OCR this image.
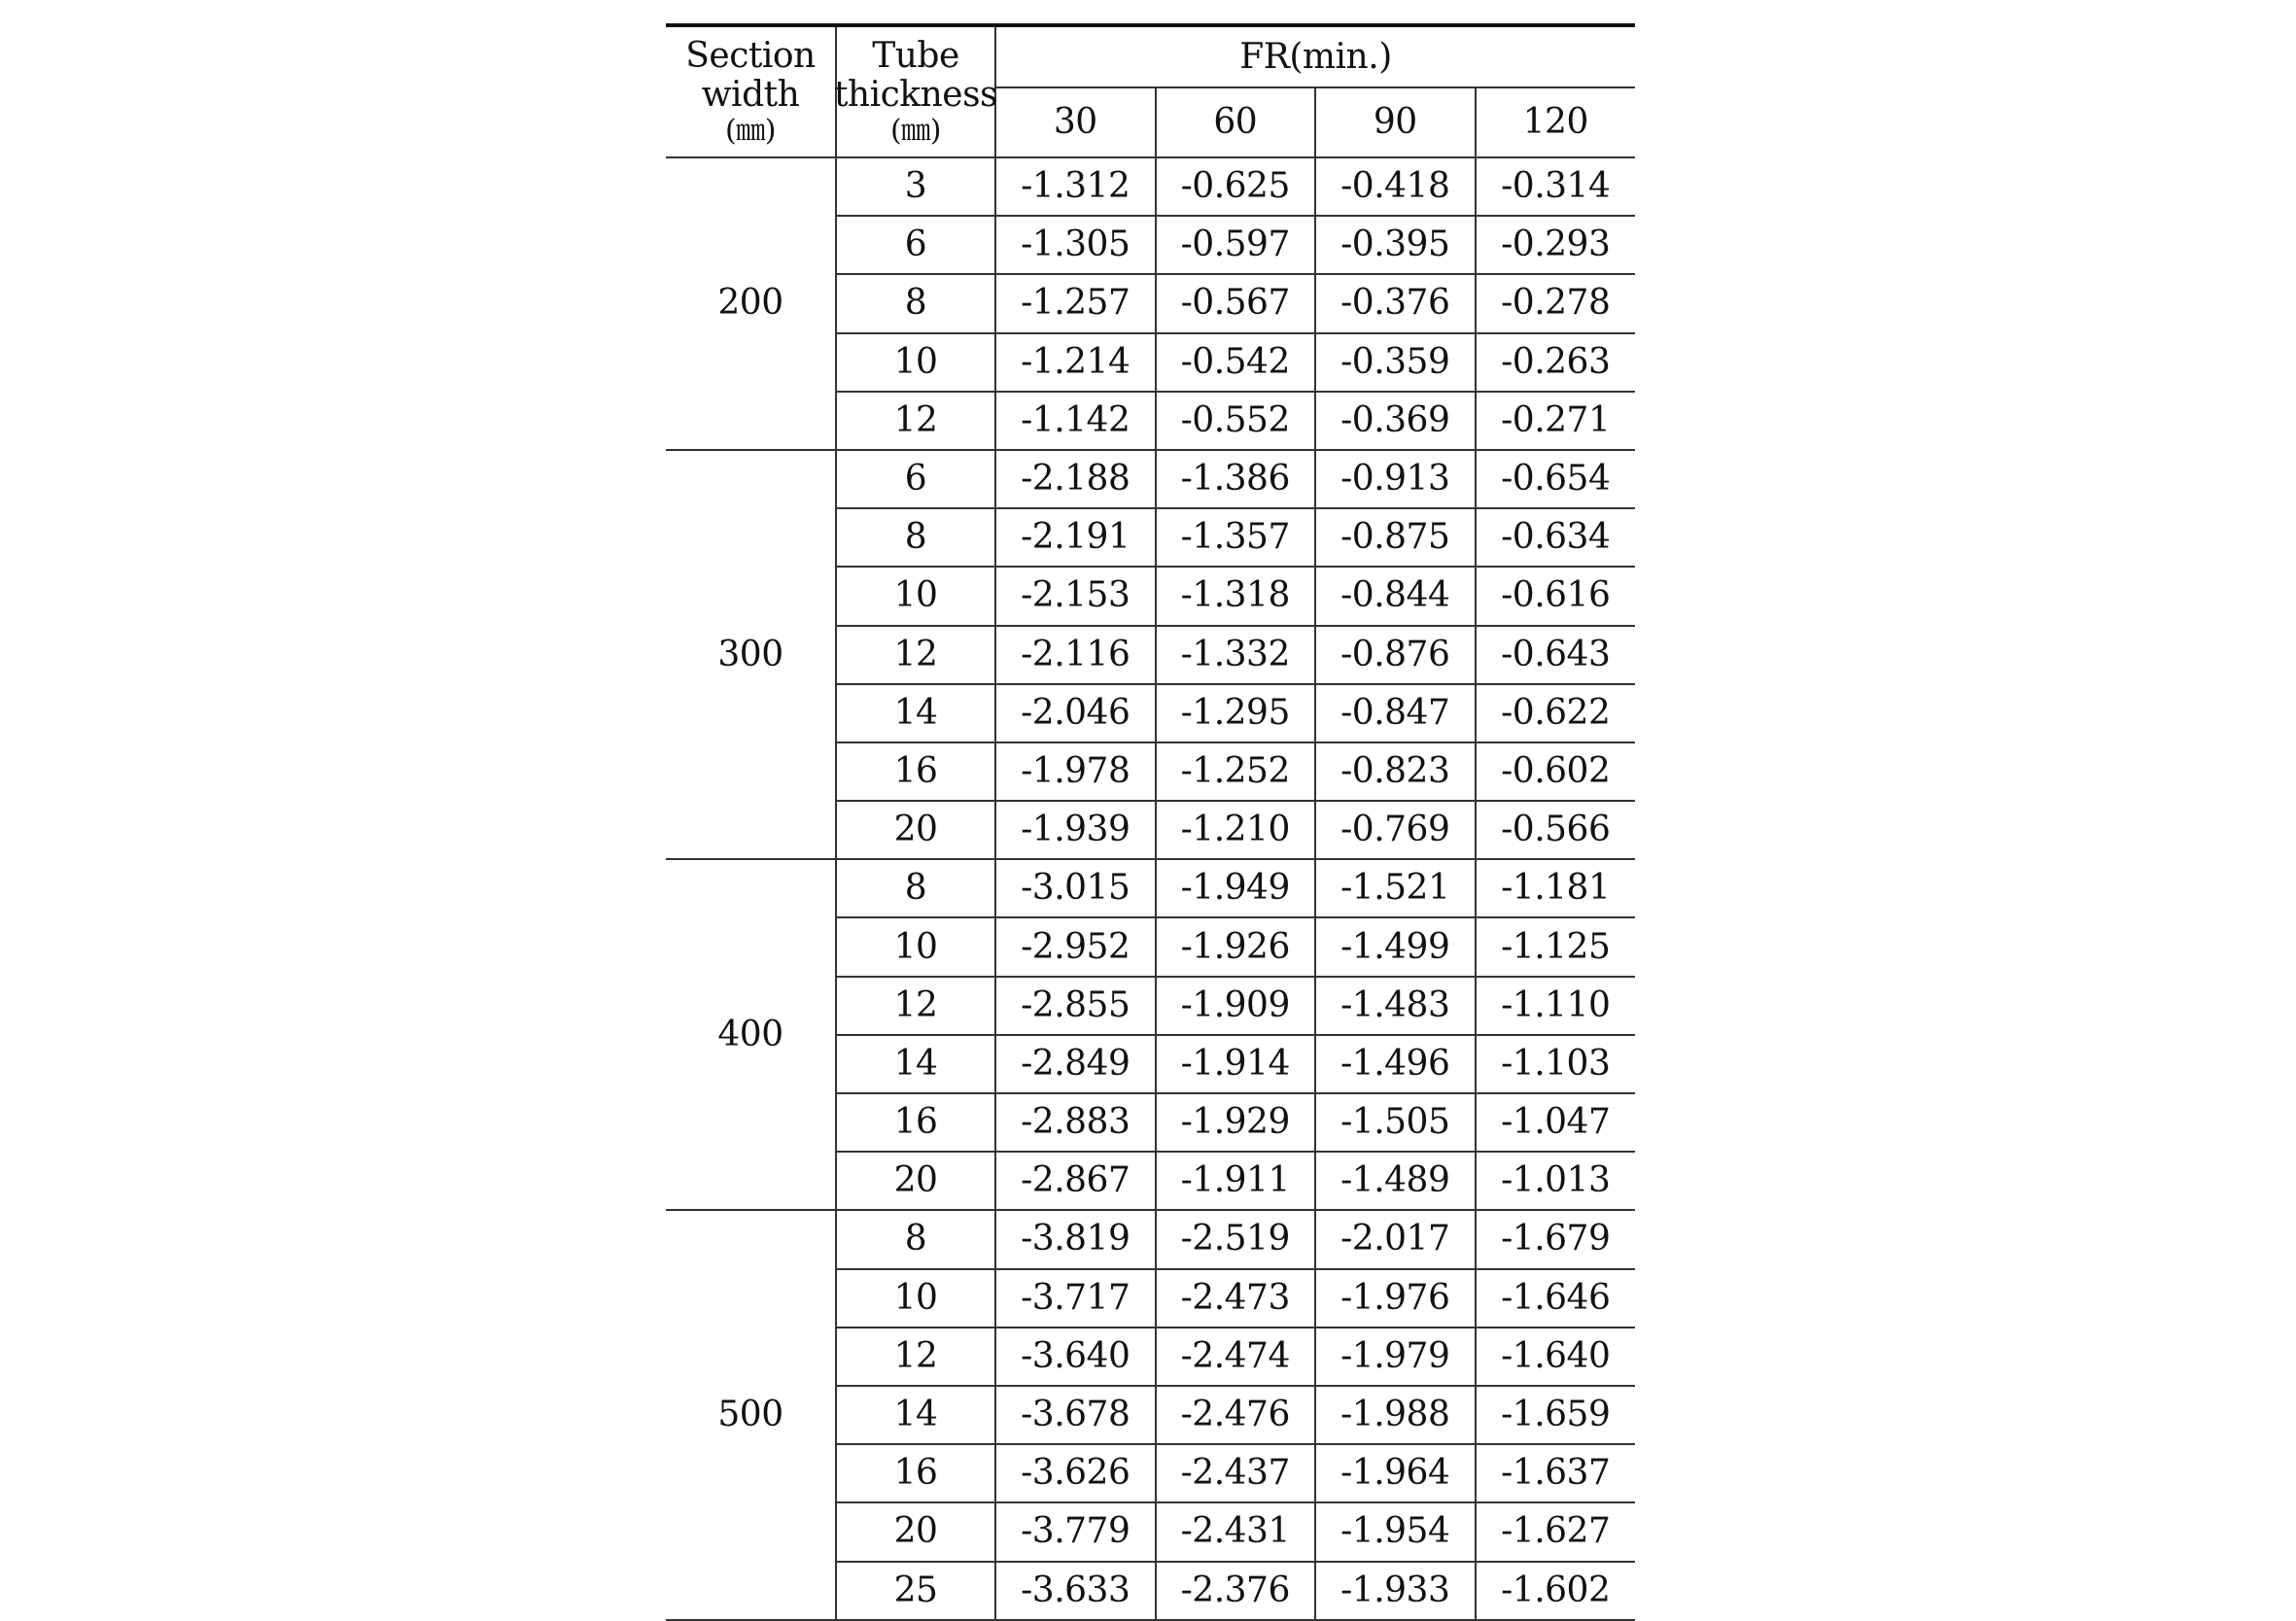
Section
width
(㎜)	Tube
thickness
(㎜)	FR(min.)			
		30	60	90	120
200	3	-1.312	-0.625	-0.418	-0.314
	6	-1.305	-0.597	-0.395	-0.293
	8	-1.257	-0.567	-0.376	-0.278
	10	-1.214	-0.542	-0.359	-0.263
	12	-1.142	-0.552	-0.369	-0.271
300	6	-2.188	-1.386	-0.913	-0.654
	8	-2.191	-1.357	-0.875	-0.634
	10	-2.153	-1.318	-0.844	-0.616
	12	-2.116	-1.332	-0.876	-0.643
	14	-2.046	-1.295	-0.847	-0.622
	16	-1.978	-1.252	-0.823	-0.602
	20	-1.939	-1.210	-0.769	-0.566
400	8	-3.015	-1.949	-1.521	-1.181
	10	-2.952	-1.926	-1.499	-1.125
	12	-2.855	-1.909	-1.483	-1.110
	14	-2.849	-1.914	-1.496	-1.103
	16	-2.883	-1.929	-1.505	-1.047
	20	-2.867	-1.911	-1.489	-1.013
500	8	-3.819	-2.519	-2.017	-1.679
	10	-3.717	-2.473	-1.976	-1.646
	12	-3.640	-2.474	-1.979	-1.640
	14	-3.678	-2.476	-1.988	-1.659
	16	-3.626	-2.437	-1.964	-1.637
	20	-3.779	-2.431	-1.954	-1.627
	25	-3.633	-2.376	-1.933	-1.602
